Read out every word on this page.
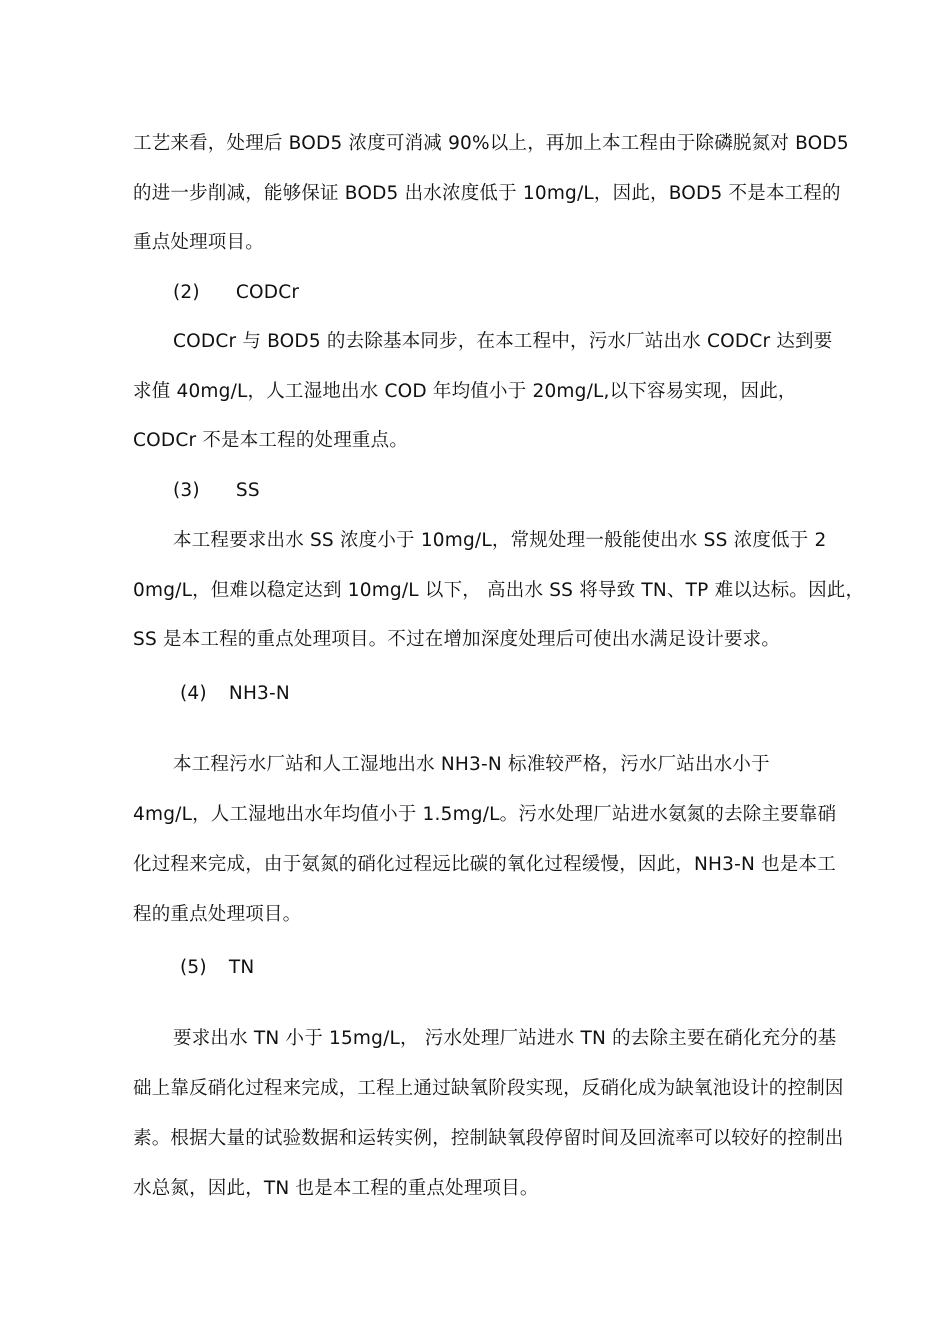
工艺来看，处理后 BOD5 浓度可消减 90%以上，再加上本工程由于除磷脱氮对 BOD5
的进一步削减，能够保证 BOD5 出水浓度低于 10mg/L，因此，BOD5 不是本工程的
重点处理项目。
(2) CODCr
CODCr 与 BOD5 的去除基本同步，在本工程中，污水厂站出水 CODCr 达到要
求值 40mg/L，人工湿地出水 COD 年均值小于 20mg/L,以下容易实现，因此，
CODCr 不是本工程的处理重点。
(3) SS
本工程要求出水 SS 浓度小于 10mg/L，常规处理一般能使出水 SS 浓度低于 2
0mg/L，但难以稳定达到 10mg/L 以下， 高出水 SS 将导致 TN、TP 难以达标。因此，
SS 是本工程的重点处理项目。不过在增加深度处理后可使出水满足设计要求。
(4) NH3-N
本工程污水厂站和人工湿地出水 NH3-N 标准较严格，污水厂站出水小于
4mg/L，人工湿地出水年均值小于 1.5mg/L。污水处理厂站进水氨氮的去除主要靠硝
化过程来完成，由于氨氮的硝化过程远比碳的氧化过程缓慢，因此，NH3-N 也是本工
程的重点处理项目。
(5) TN
要求出水 TN 小于 15mg/L， 污水处理厂站进水 TN 的去除主要在硝化充分的基
础上靠反硝化过程来完成，工程上通过缺氧阶段实现，反硝化成为缺氧池设计的控制因
素。根据大量的试验数据和运转实例，控制缺氧段停留时间及回流率可以较好的控制出
水总氮，因此，TN 也是本工程的重点处理项目。
